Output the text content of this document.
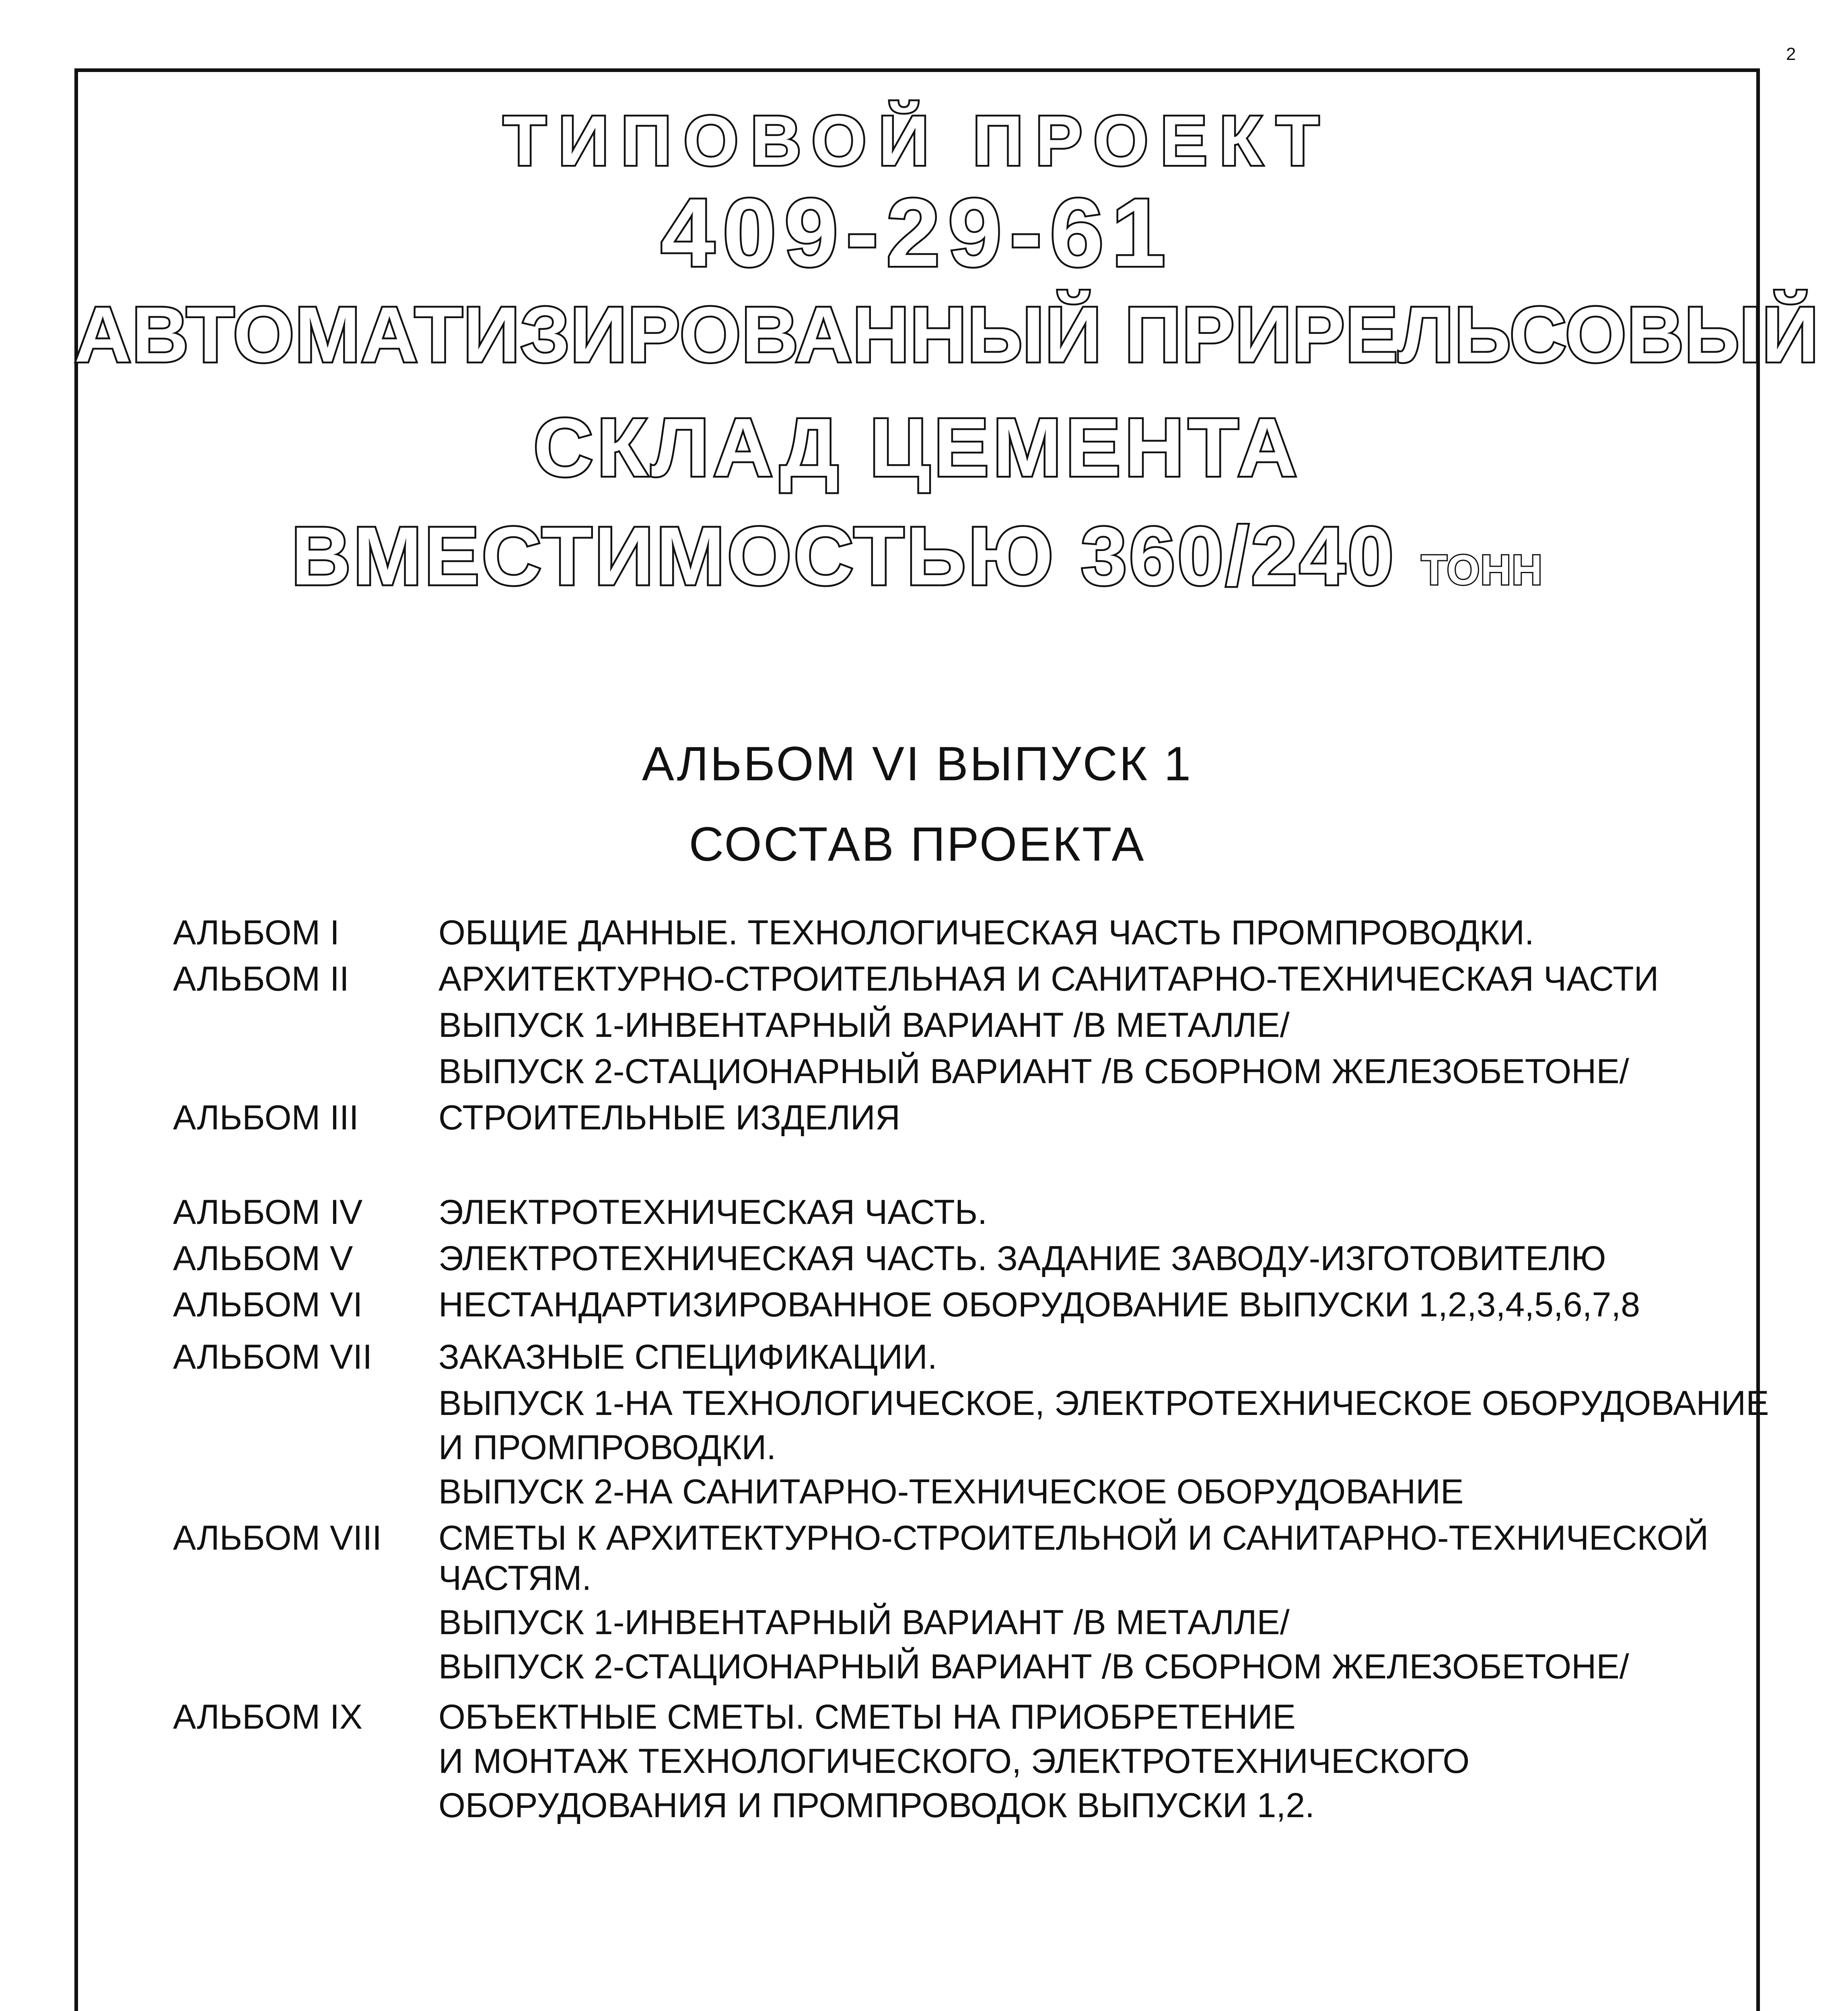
2
ТИПОВОЙ ПРОЕКТ
409-29-61
АВТОМАТИЗИРОВАННЫЙ ПРИРЕЛЬСОВЫЙ
СКЛАД ЦЕМЕНТА
ВМЕСТИМОСТЬЮ 360/240 ТОНН
АЛЬБОМ VI ВЫПУСК 1
СОСТАВ ПРОЕКТА
АЛЬБОМ I	ОБЩИЕ ДАННЫЕ. ТЕХНОЛОГИЧЕСКАЯ ЧАСТЬ ПРОМПРОВОДКИ.
АЛЬБОМ II	АРХИТЕКТУРНО-СТРОИТЕЛЬНАЯ И САНИТАРНО-ТЕХНИЧЕСКАЯ ЧАСТИ
ВЫПУСК 1-ИНВЕНТАРНЫЙ ВАРИАНТ /В МЕТАЛЛЕ/
ВЫПУСК 2-СТАЦИОНАРНЫЙ ВАРИАНТ /В СБОРНОМ ЖЕЛЕЗОБЕТОНЕ/
АЛЬБОМ III СТРОИТЕЛЬНЫЕ ИЗДЕЛИЯ
АЛЬБОМ IV ЭЛЕКТРОТЕХНИЧЕСКАЯ ЧАСТЬ.
АЛЬБОМ V ЭЛЕКТРОТЕХНИЧЕСКАЯ ЧАСТЬ. ЗАДАНИЕ ЗАВОДУ-ИЗГОТОВИТЕЛЮ
АЛЬБОМ VI НЕСТАНДАРТИЗИРОВАННОЕ ОБОРУДОВАНИЕ ВЫПУСКИ 1,2,3,4,5,6,7,8
АЛЬБОМ VII ЗАКАЗНЫЕ СПЕЦИФИКАЦИИ.
ВЫПУСК 1-НА ТЕХНОЛОГИЧЕСКОЕ, ЭЛЕКТРОТЕХНИЧЕСКОЕ ОБОРУДОВАНИЕ
И ПРОМПРОВОДКИ.
ВЫПУСК 2-НА САНИТАРНО-ТЕХНИЧЕСКОЕ ОБОРУДОВАНИЕ
АЛЬБОМ VIII СМЕТЫ К АРХИТЕКТУРНО-СТРОИТЕЛЬНОЙ И САНИТАРНО-ТЕХНИЧЕСКОЙ
ЧАСТЯМ.
ВЫПУСК 1-ИНВЕНТАРНЫЙ ВАРИАНТ /В МЕТАЛЛЕ/
ВЫПУСК 2-СТАЦИОНАРНЫЙ ВАРИАНТ /В СБОРНОМ ЖЕЛЕЗОБЕТОНЕ/
АЛЬБОМ IX ОБЪЕКТНЫЕ СМЕТЫ. СМЕТЫ НА ПРИОБРЕТЕНИЕ
И МОНТАЖ ТЕХНОЛОГИЧЕСКОГО, ЭЛЕКТРОТЕХНИЧЕСКОГО
ОБОРУДОВАНИЯ И ПРОМПРОВОДОК ВЫПУСКИ 1,2.
